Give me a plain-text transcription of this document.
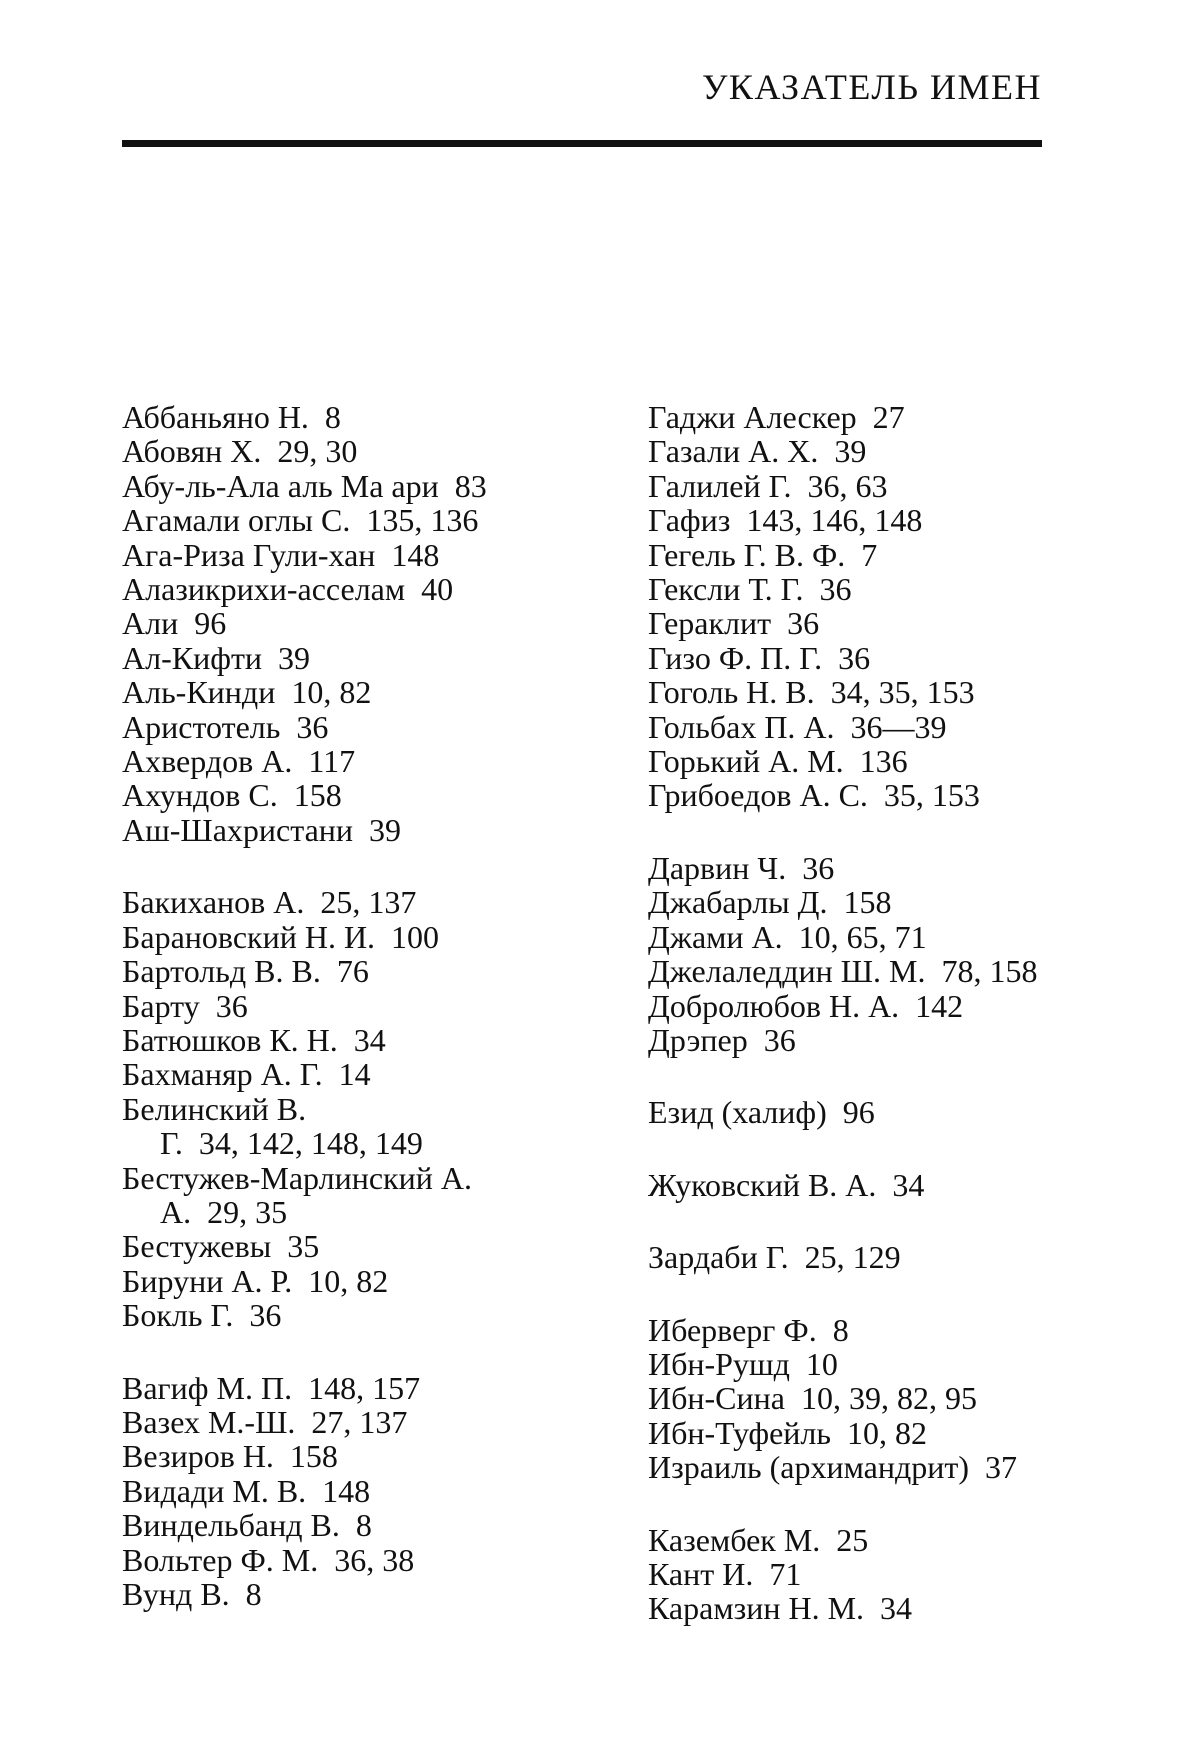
УКАЗАТЕЛЬ ИМЕН
Аббаньяно Н. 8
Абовян Х. 29, 30
Абу-ль-Ала аль Ма ари 83
Агамали оглы С. 135, 136
Ага-Риза Гули-хан 148
Алазикрихи-асселам 40
Али 96
Ал-Кифти 39
Аль-Кинди 10, 82
Аристотель 36
Ахвердов А. 117
Ахундов С. 158
Аш-Шахристани 39
Бакиханов А. 25, 137
Барановский Н. И. 100
Бартольд В. В. 76
Барту 36
Батюшков К. Н. 34
Бахманяр А. Г. 14
Белинский В. Г. 34, 142, 148, 149
Бестужев-Марлинский А. А. 29, 35
Бестужевы 35
Бируни А. Р. 10, 82
Бокль Г. 36
Вагиф М. П. 148, 157
Вазех М.-Ш. 27, 137
Везиров Н. 158
Видади М. В. 148
Виндельбанд В. 8
Вольтер Ф. М. 36, 38
Вунд В. 8
Гаджи Алескер 27
Газали А. Х. 39
Галилей Г. 36, 63
Гафиз 143, 146, 148
Гегель Г. В. Ф. 7
Гексли Т. Г. 36
Гераклит 36
Гизо Ф. П. Г. 36
Гоголь Н. В. 34, 35, 153
Гольбах П. А. 36—39
Горький А. М. 136
Грибоедов А. С. 35, 153
Дарвин Ч. 36
Джабарлы Д. 158
Джами А. 10, 65, 71
Джелаледдин Ш. М. 78, 158
Добролюбов Н. А. 142
Дрэпер 36
Езид (халиф) 96
Жуковский В. А. 34
Зардаби Г. 25, 129
Иберверг Ф. 8
Ибн-Рушд 10
Ибн-Сина 10, 39, 82, 95
Ибн-Туфейль 10, 82
Израиль (архимандрит) 37
Казембек М. 25
Кант И. 71
Карамзин Н. М. 34
